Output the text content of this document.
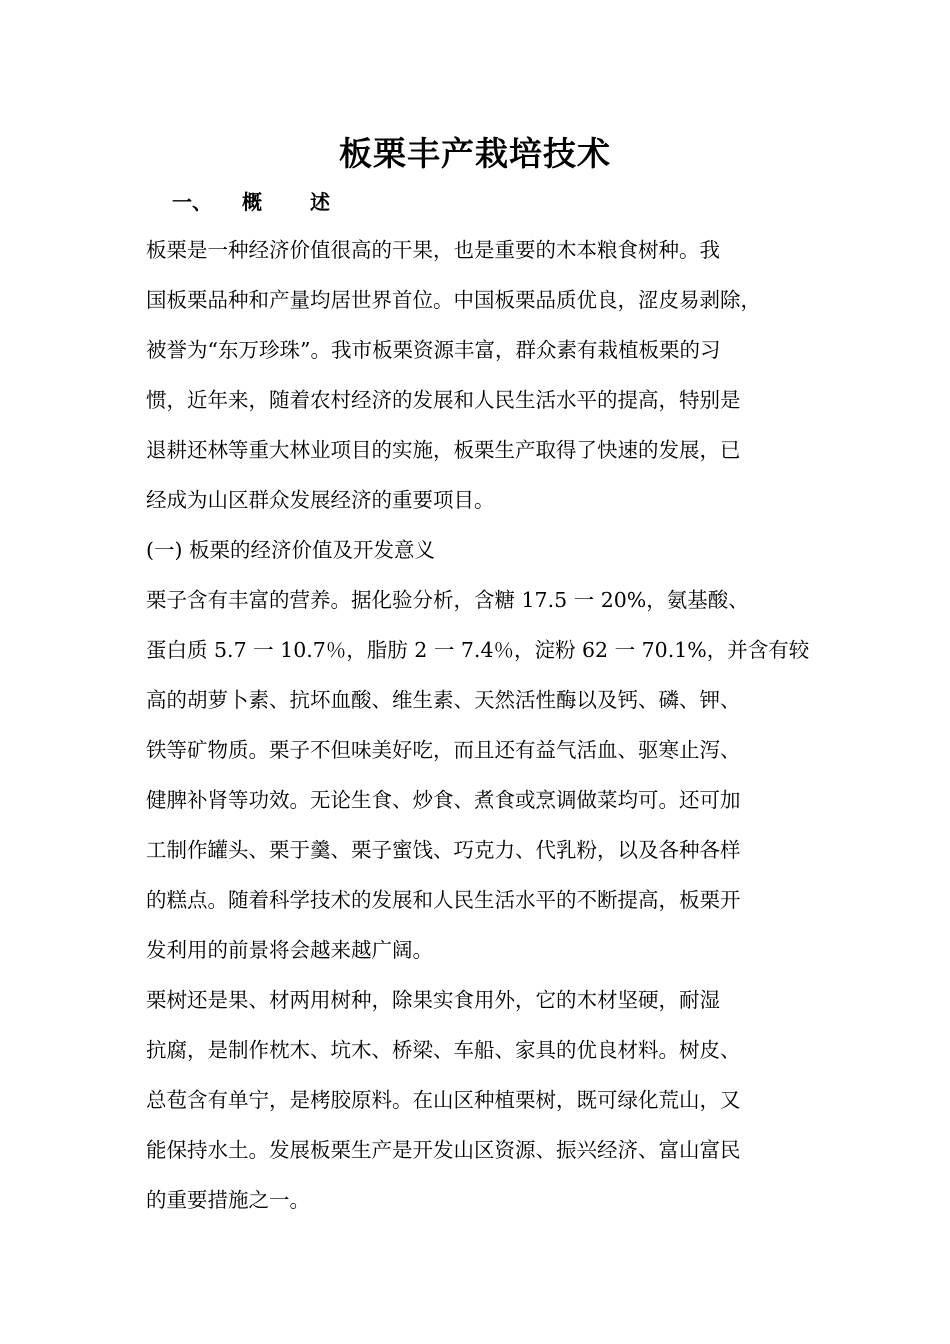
板栗丰产栽培技术
一、 概 述
板栗是一种经济价值很高的干果，也是重要的木本粮食树种。我
国板栗品种和产量均居世界首位。中国板栗品质优良，涩皮易剥除，
被誉为“东万珍珠”。我市板栗资源丰富，群众素有栽植板栗的习
惯，近年来，随着农村经济的发展和人民生活水平的提高，特别是
退耕还林等重大林业项目的实施，板栗生产取得了快速的发展，已
经成为山区群众发展经济的重要项目。
(一) 板栗的经济价值及开发意义
栗子含有丰富的营养。据化验分析，含糖 17.5 一 20%，氨基酸、
蛋白质 5.7 一 10.7％，脂肪 2 一 7.4％，淀粉 62 一 70.1%，并含有较
高的胡萝卜素、抗坏血酸、维生素、天然活性酶以及钙、磷、钾、
铁等矿物质。栗子不但味美好吃，而且还有益气活血、驱寒止泻、
健脾补肾等功效。无论生食、炒食、煮食或烹调做菜均可。还可加
工制作罐头、栗于羹、栗子蜜饯、巧克力、代乳粉，以及各种各样
的糕点。随着科学技术的发展和人民生活水平的不断提高，板栗开
发利用的前景将会越来越广阔。
栗树还是果、材两用树种，除果实食用外，它的木材坚硬，耐湿
抗腐，是制作枕木、坑木、桥梁、车船、家具的优良材料。树皮、
总苞含有单宁，是栲胶原料。在山区种植栗树，既可绿化荒山，又
能保持水土。发展板栗生产是开发山区资源、振兴经济、富山富民
的重要措施之一。
